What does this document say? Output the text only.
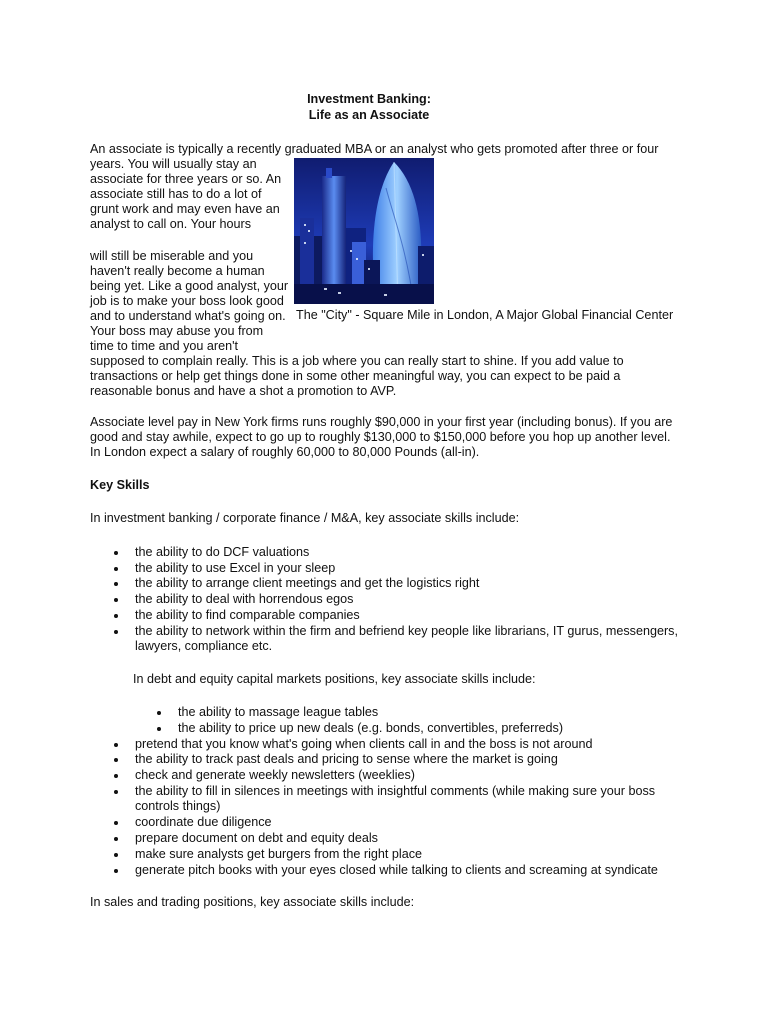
Investment Banking:
Life as an Associate
An associate is typically a recently graduated MBA or an analyst who gets promoted after three or four
years. You will usually stay an
associate for three years or so. An
associate still has to do a lot of
grunt work and may even have an
analyst to call on. Your hours
will still be miserable and you
haven't really become a human
being yet. Like a good analyst, your
job is to make your boss look good
and to understand what's going on.
Your boss may abuse you from
time to time and you aren't
supposed to complain really. This is a job where you can really start to shine. If you add value to
transactions or help get things done in some other meaningful way, you can expect to be paid a
reasonable bonus and have a shot a promotion to AVP.
The "City" - Square Mile in London, A Major Global Financial Center
Associate level pay in New York firms runs roughly $90,000 in your first year (including bonus). If you are
good and stay awhile, expect to go up to roughly $130,000 to $150,000 before you hop up another level.
In London expect a salary of roughly 60,000 to 80,000 Pounds (all-in).
Key Skills
In investment banking / corporate finance / M&A, key associate skills include:
the ability to do DCF valuations
the ability to use Excel in your sleep
the ability to arrange client meetings and get the logistics right
the ability to deal with horrendous egos
the ability to find comparable companies
the ability to network within the firm and befriend key people like librarians, IT gurus, messengers,
lawyers, compliance etc.
In debt and equity capital markets positions, key associate skills include:
the ability to massage league tables
the ability to price up new deals (e.g. bonds, convertibles, preferreds)
pretend that you know what's going when clients call in and the boss is not around
the ability to track past deals and pricing to sense where the market is going
check and generate weekly newsletters (weeklies)
the ability to fill in silences in meetings with insightful comments (while making sure your boss
controls things)
coordinate due diligence
prepare document on debt and equity deals
make sure analysts get burgers from the right place
generate pitch books with your eyes closed while talking to clients and screaming at syndicate
In sales and trading positions, key associate skills include:
